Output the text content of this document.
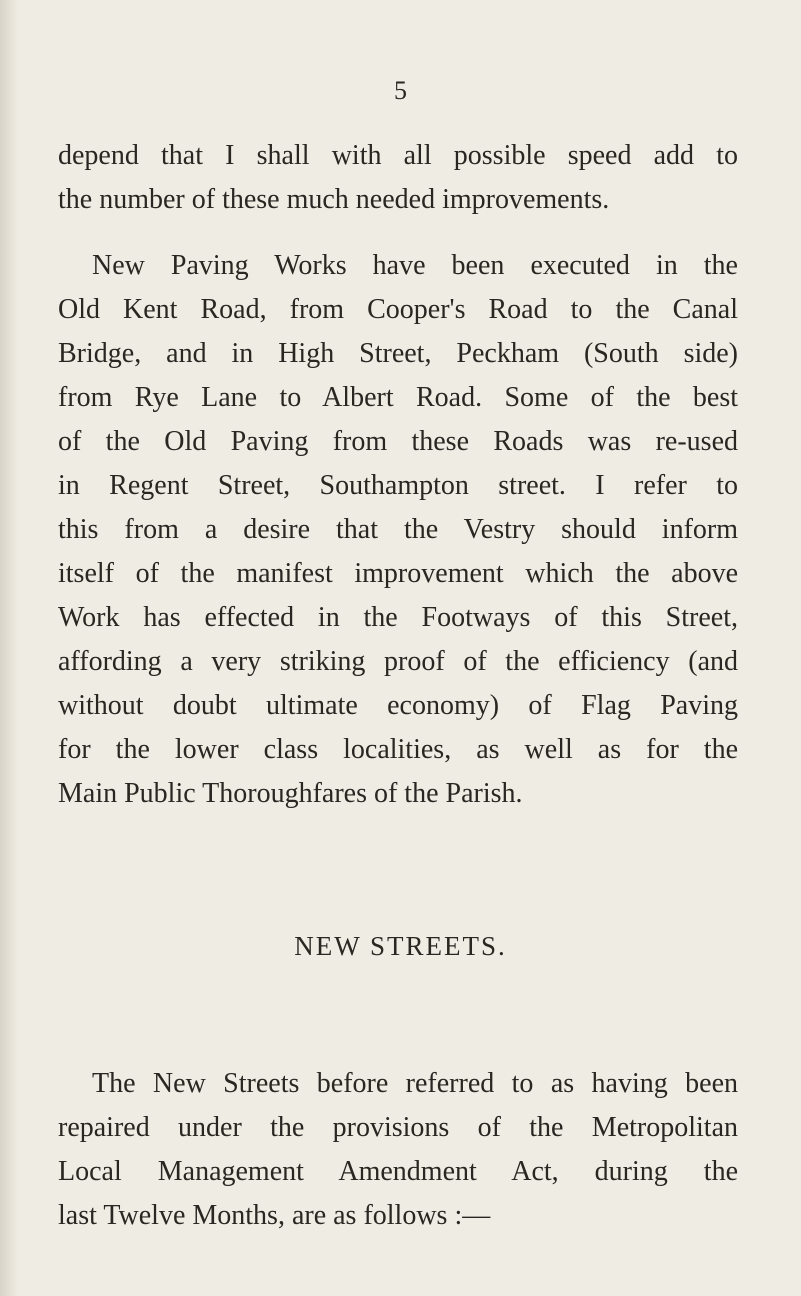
5
depend that I shall with all possible speed add to
the number of these much needed improvements.
New Paving Works have been executed in the
Old Kent Road, from Cooper's Road to the Canal
Bridge, and in High Street, Peckham (South side)
from Rye Lane to Albert Road. Some of the best
of the Old Paving from these Roads was re-used
in Regent Street, Southampton street. I refer to
this from a desire that the Vestry should inform
itself of the manifest improvement which the above
Work has effected in the Footways of this Street,
affording a very striking proof of the efficiency (and
without doubt ultimate economy) of Flag Paving
for the lower class localities, as well as for the
Main Public Thoroughfares of the Parish.
NEW STREETS.
The New Streets before referred to as having been
repaired under the provisions of the Metropolitan
Local Management Amendment Act, during the
last Twelve Months, are as follows :—
